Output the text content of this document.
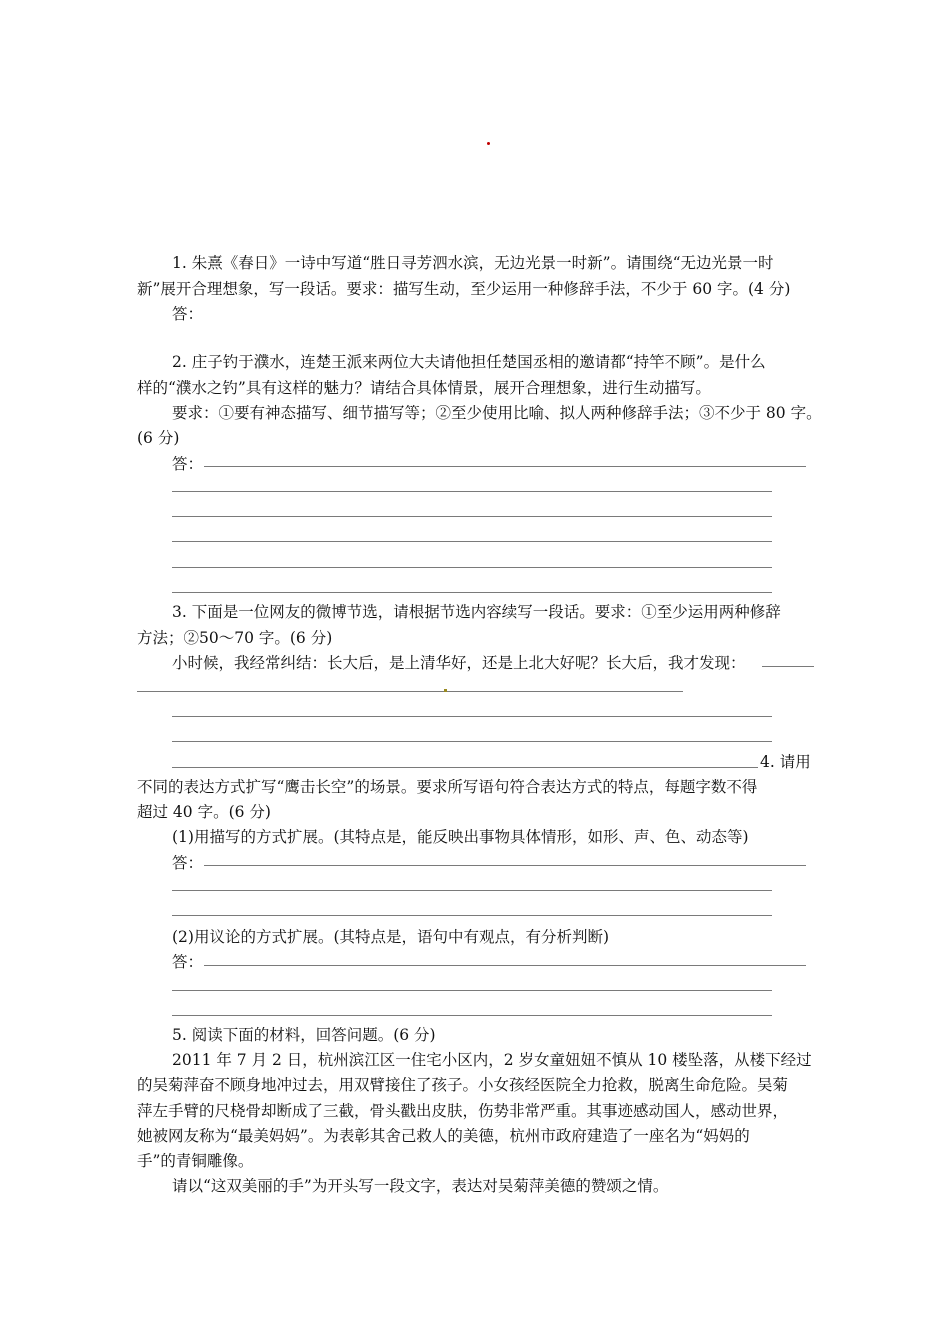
1. 朱熹《春日》一诗中写道“胜日寻芳泗水滨，无边光景一时新”。请围绕“无边光景一时
新”展开合理想象，写一段话。要求：描写生动，至少运用一种修辞手法，不少于 60 字。(4 分)
答：
2. 庄子钓于濮水，连楚王派来两位大夫请他担任楚国丞相的邀请都“持竿不顾”。是什么
样的“濮水之钓”具有这样的魅力？请结合具体情景，展开合理想象，进行生动描写。
要求：①要有神态描写、细节描写等；②至少使用比喻、拟人两种修辞手法；③不少于 80 字。
(6 分)
答：
3. 下面是一位网友的微博节选，请根据节选内容续写一段话。要求：①至少运用两种修辞
方法；②50～70 字。(6 分)
小时候，我经常纠结：长大后，是上清华好，还是上北大好呢？长大后，我才发现：
4. 请用
不同的表达方式扩写“鹰击长空”的场景。要求所写语句符合表达方式的特点，每题字数不得
超过 40 字。(6 分)
(1)用描写的方式扩展。(其特点是，能反映出事物具体情形，如形、声、色、动态等)
答：
(2)用议论的方式扩展。(其特点是，语句中有观点，有分析判断)
答：
5. 阅读下面的材料，回答问题。(6 分)
2011 年 7 月 2 日，杭州滨江区一住宅小区内，2 岁女童妞妞不慎从 10 楼坠落，从楼下经过
的吴菊萍奋不顾身地冲过去，用双臂接住了孩子。小女孩经医院全力抢救，脱离生命危险。吴菊
萍左手臂的尺桡骨却断成了三截，骨头戳出皮肤，伤势非常严重。其事迹感动国人，感动世界，
她被网友称为“最美妈妈”。为表彰其舍己救人的美德，杭州市政府建造了一座名为“妈妈的
手”的青铜雕像。
请以“这双美丽的手”为开头写一段文字，表达对吴菊萍美德的赞颂之情。
